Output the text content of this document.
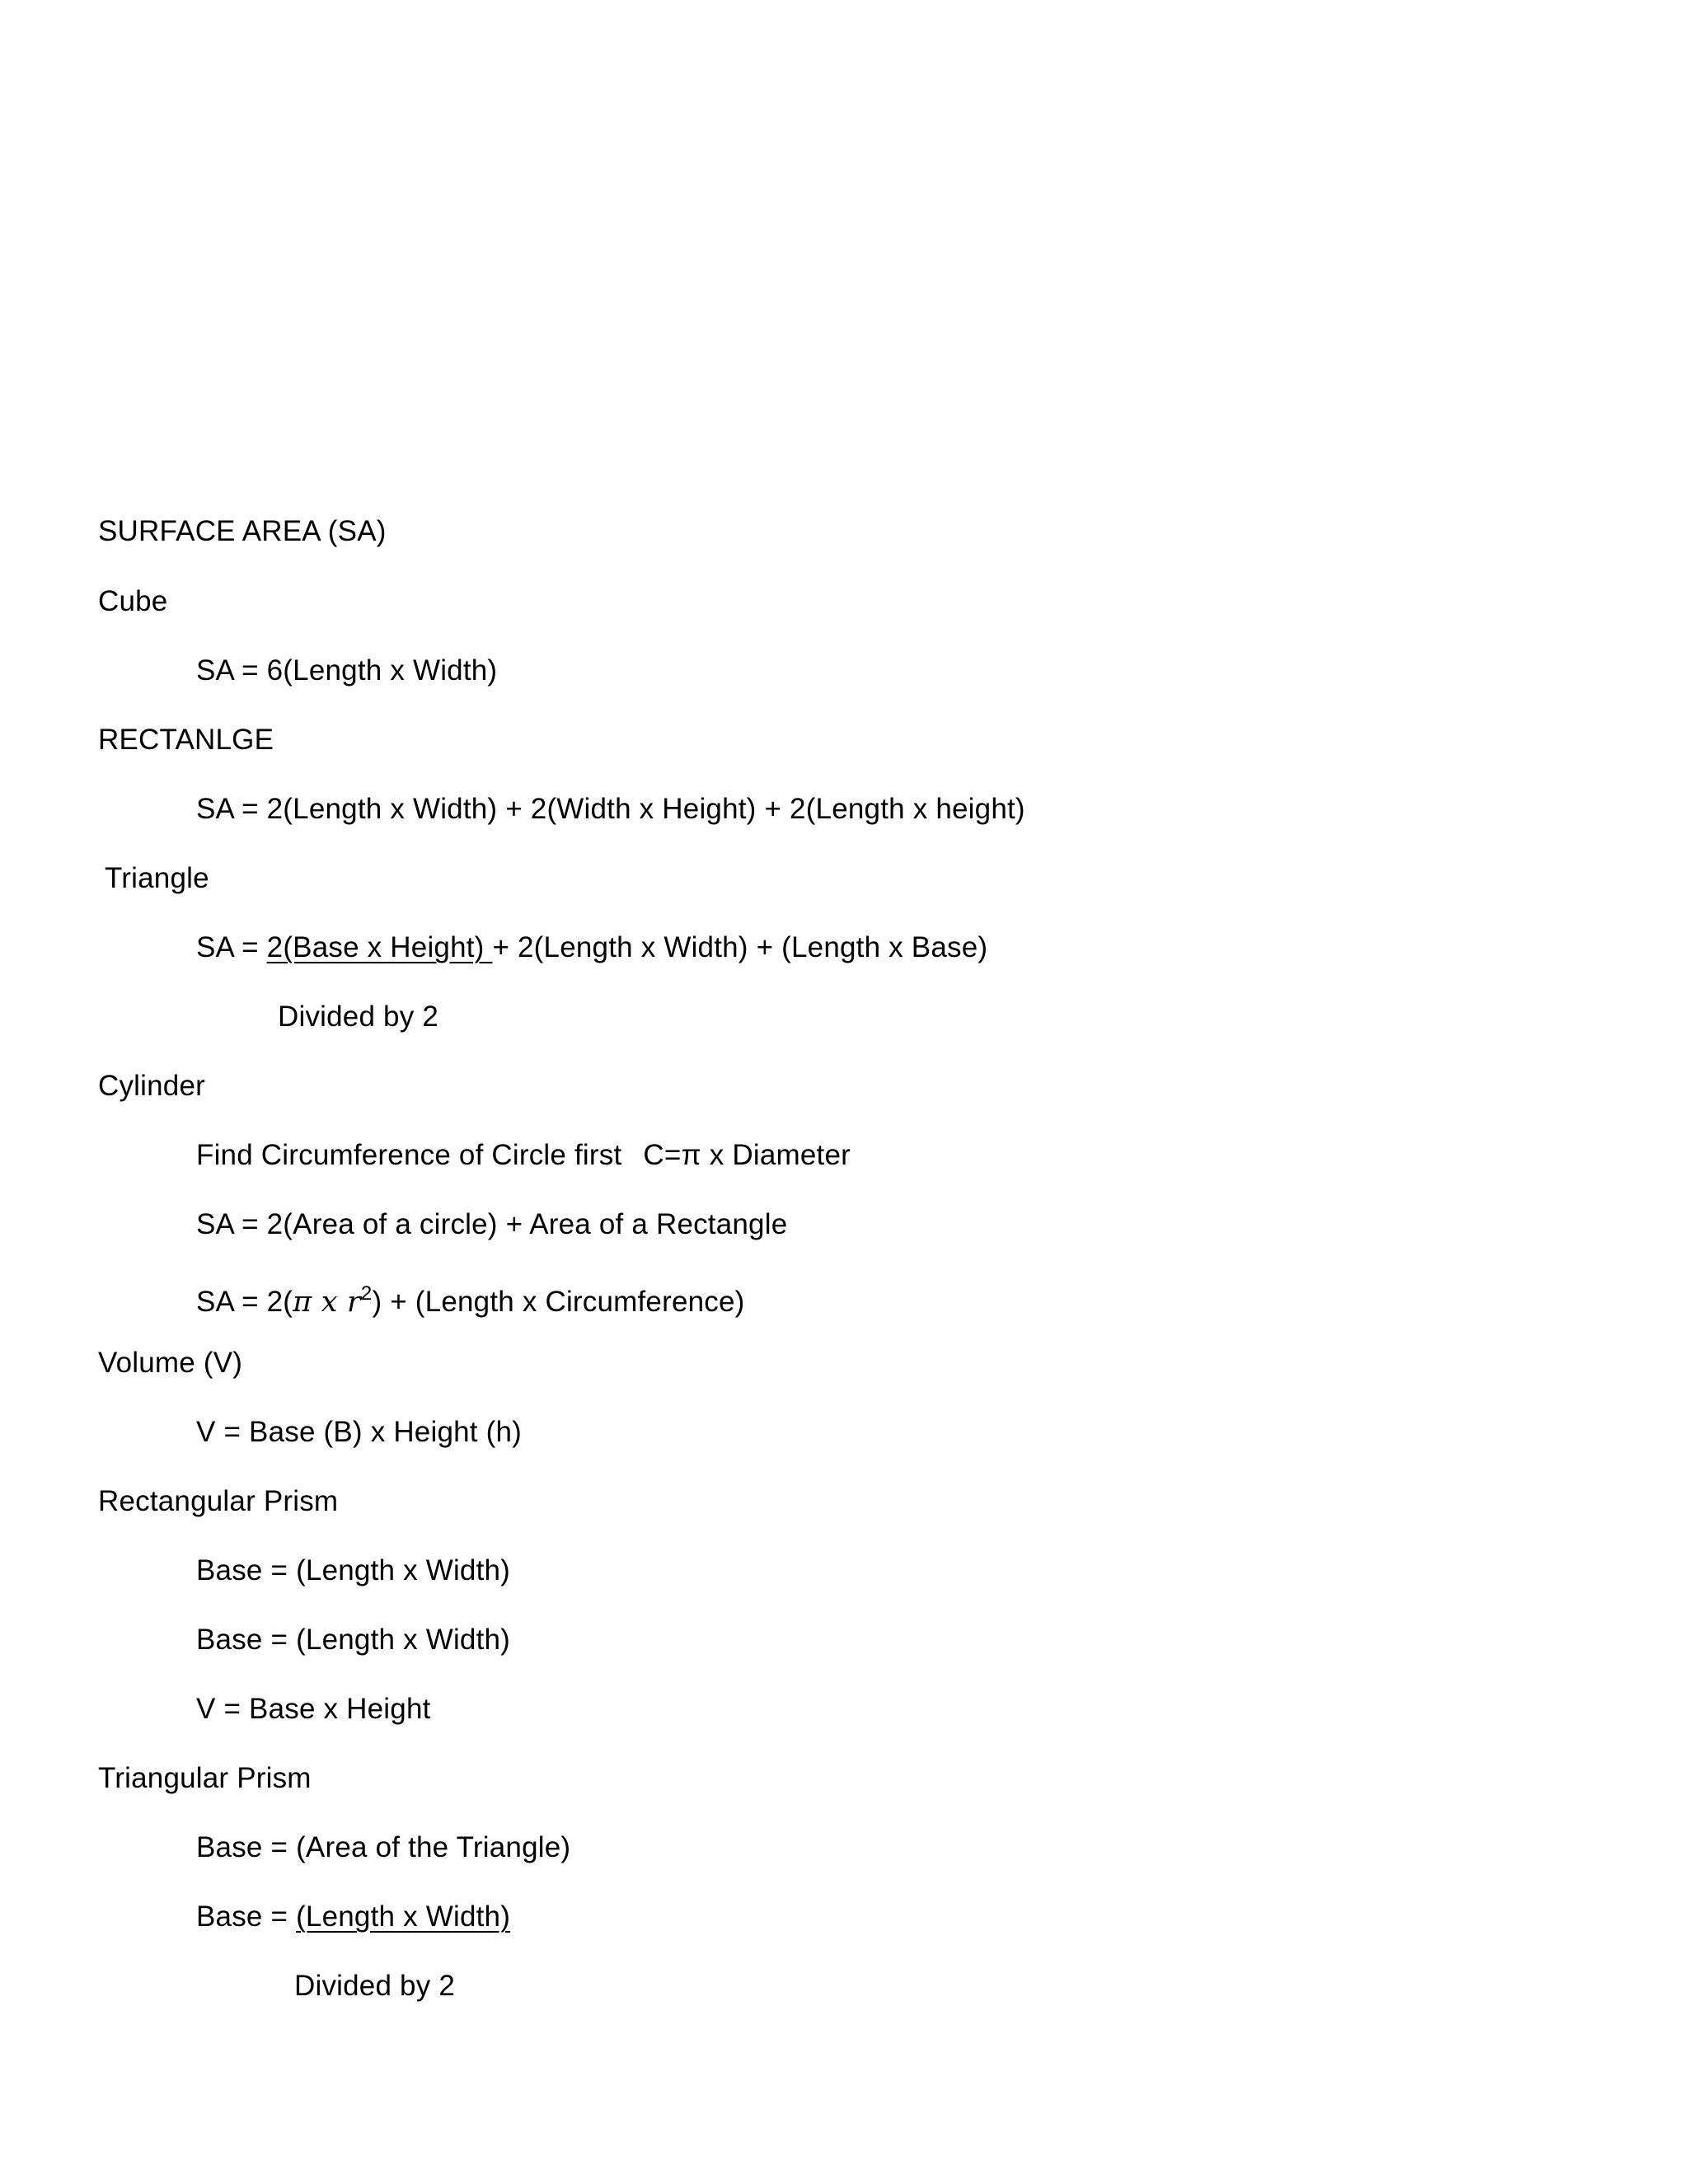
SURFACE AREA (SA)
Cube
SA = 6(Length x Width)
RECTANLGE
SA = 2(Length x Width) + 2(Width x Height) + 2(Length x height)
Triangle
SA = 2(Base x Height) + 2(Length x Width) + (Length x Base)
Divided by 2
Cylinder
Find Circumference of Circle first C=π x Diameter
SA = 2(Area of a circle) + Area of a Rectangle
SA = 2(π x $r^2$) + (Length x Circumference)
Volume (V)
V = Base (B) x Height (h)
Rectangular Prism
Base = (Length x Width)
Base = (Length x Width)
V = Base x Height
Triangular Prism
Base = (Area of the Triangle)
Base = (Length x Width)
Divided by 2
